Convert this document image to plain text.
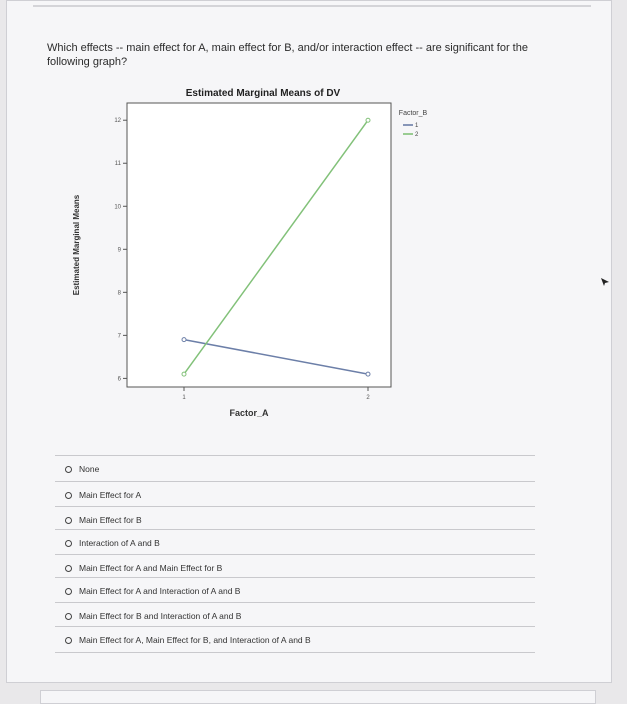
Which effects -- main effect for A, main effect for B, and/or interaction effect -- are significant for the following graph?
Estimated Marginal Means of DV
6
7
8
9
10
11
12
1	2
Estimated Marginal Means
Factor_A
Factor_B
1
2
None
Main Effect for A
Main Effect for B
Interaction of A and B
Main Effect for A and Main Effect for B
Main Effect for A and Interaction of A and B
Main Effect for B and Interaction of A and B
Main Effect for A, Main Effect for B, and Interaction of A and B
